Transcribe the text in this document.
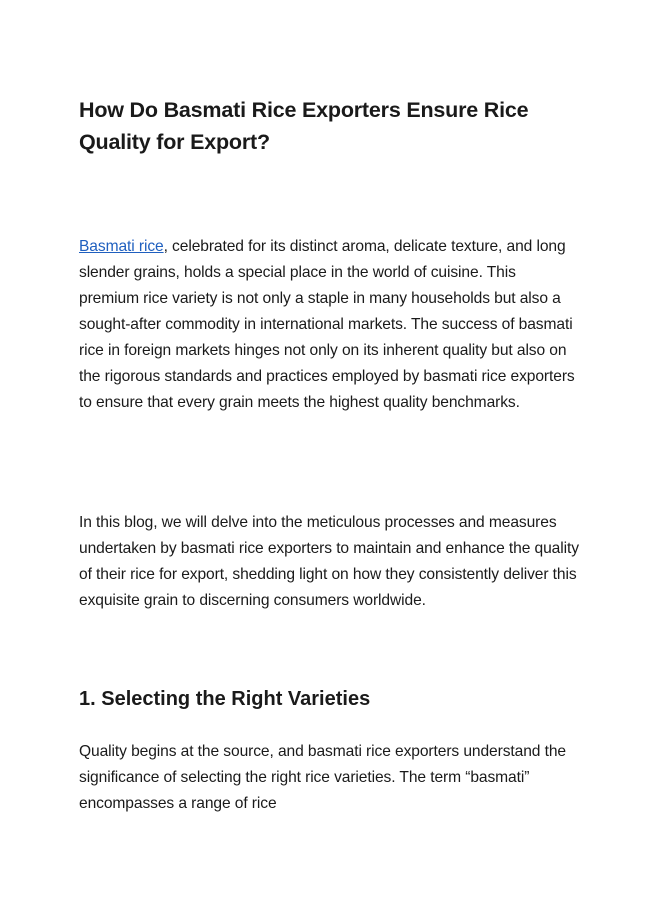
How Do Basmati Rice Exporters Ensure Rice Quality for Export?

Basmati rice, celebrated for its distinct aroma, delicate texture, and long slender grains, holds a special place in the world of cuisine. This premium rice variety is not only a staple in many households but also a sought-after commodity in international markets. The success of basmati rice in foreign markets hinges not only on its inherent quality but also on the rigorous standards and practices employed by basmati rice exporters to ensure that every grain meets the highest quality benchmarks.

In this blog, we will delve into the meticulous processes and measures undertaken by basmati rice exporters to maintain and enhance the quality of their rice for export, shedding light on how they consistently deliver this exquisite grain to discerning consumers worldwide.

1. Selecting the Right Varieties

Quality begins at the source, and basmati rice exporters understand the significance of selecting the right rice varieties. The term “basmati” encompasses a range of rice
